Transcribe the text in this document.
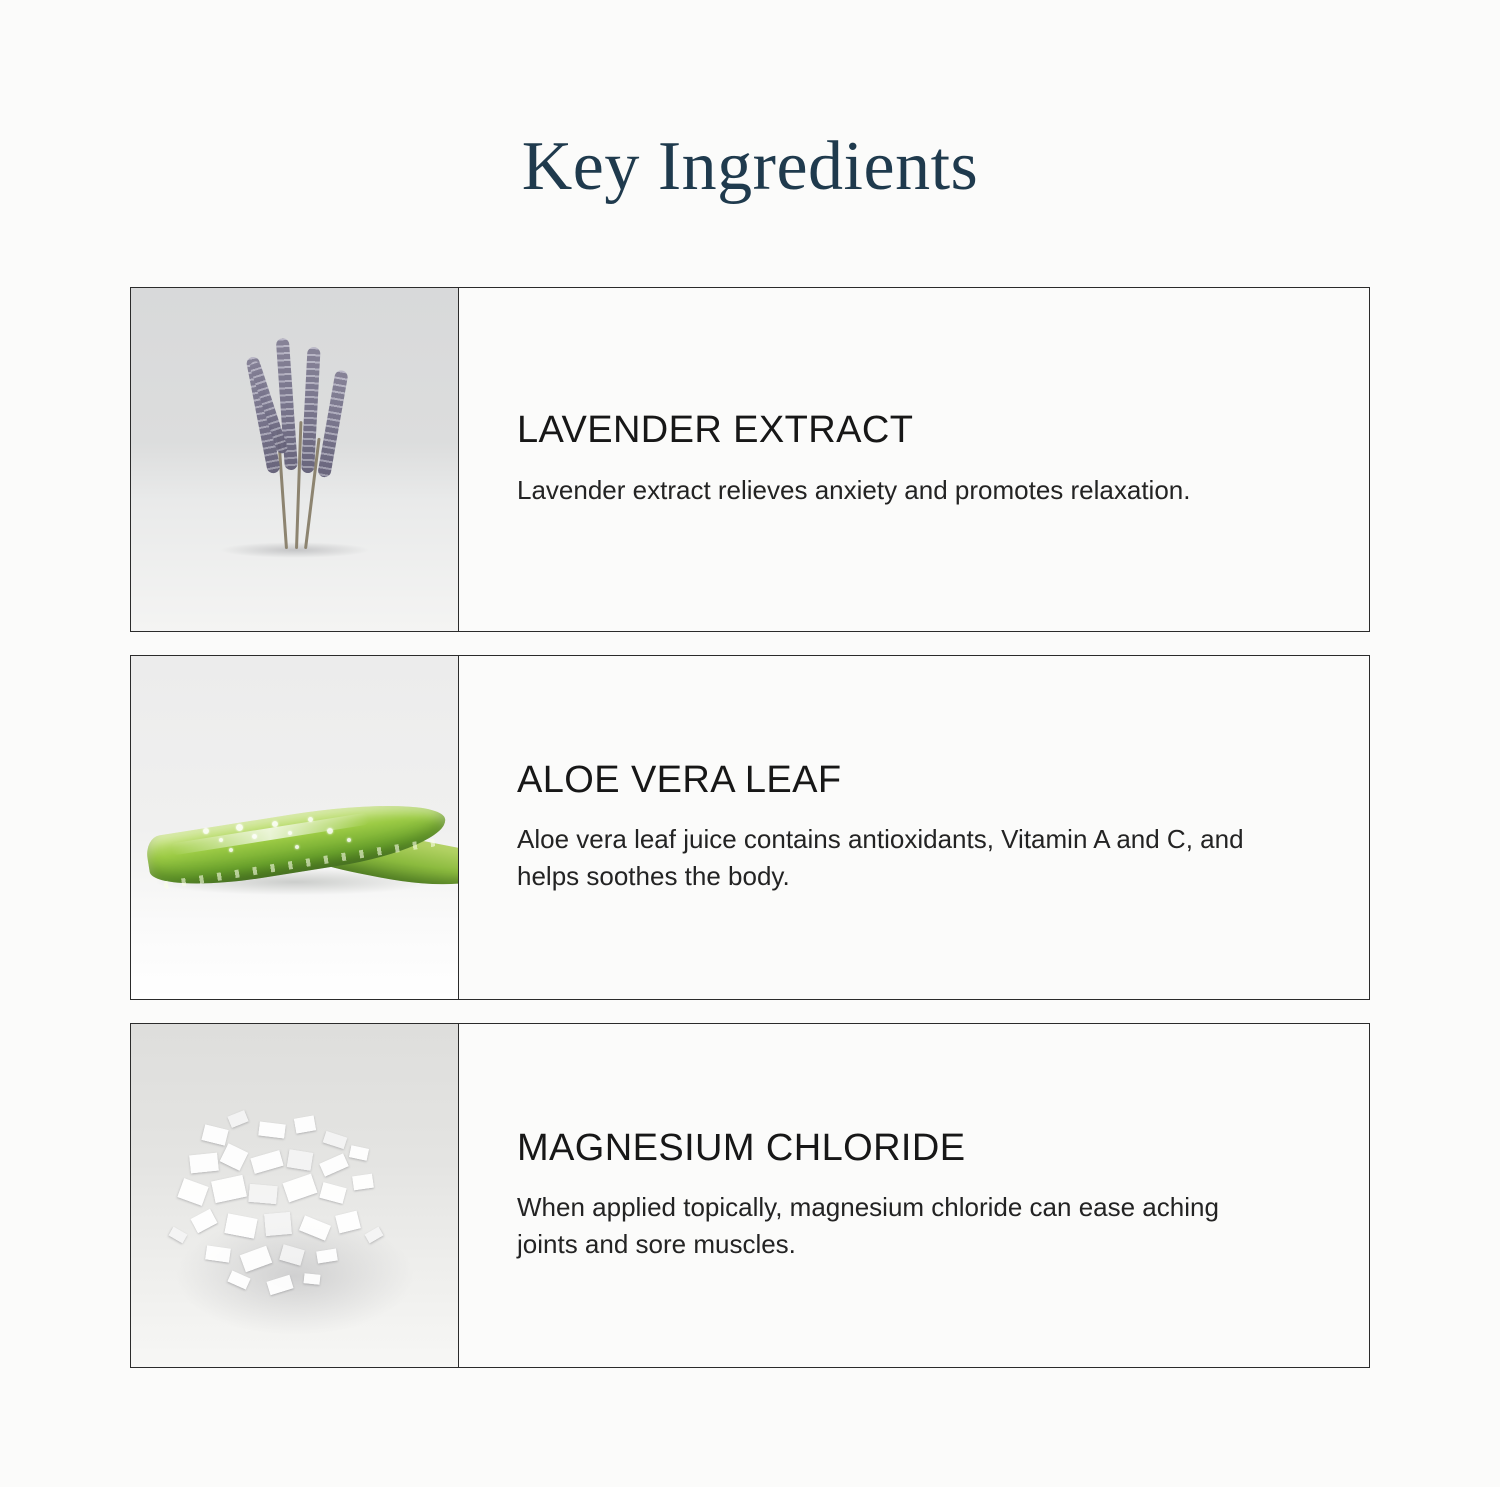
Key Ingredients
LAVENDER EXTRACT

Lavender extract relieves anxiety and promotes relaxation.

ALOE VERA LEAF

Aloe vera leaf juice contains antioxidants, Vitamin A and C, and helps soothes the body.

MAGNESIUM CHLORIDE

When applied topically, magnesium chloride can ease aching joints and sore muscles.
